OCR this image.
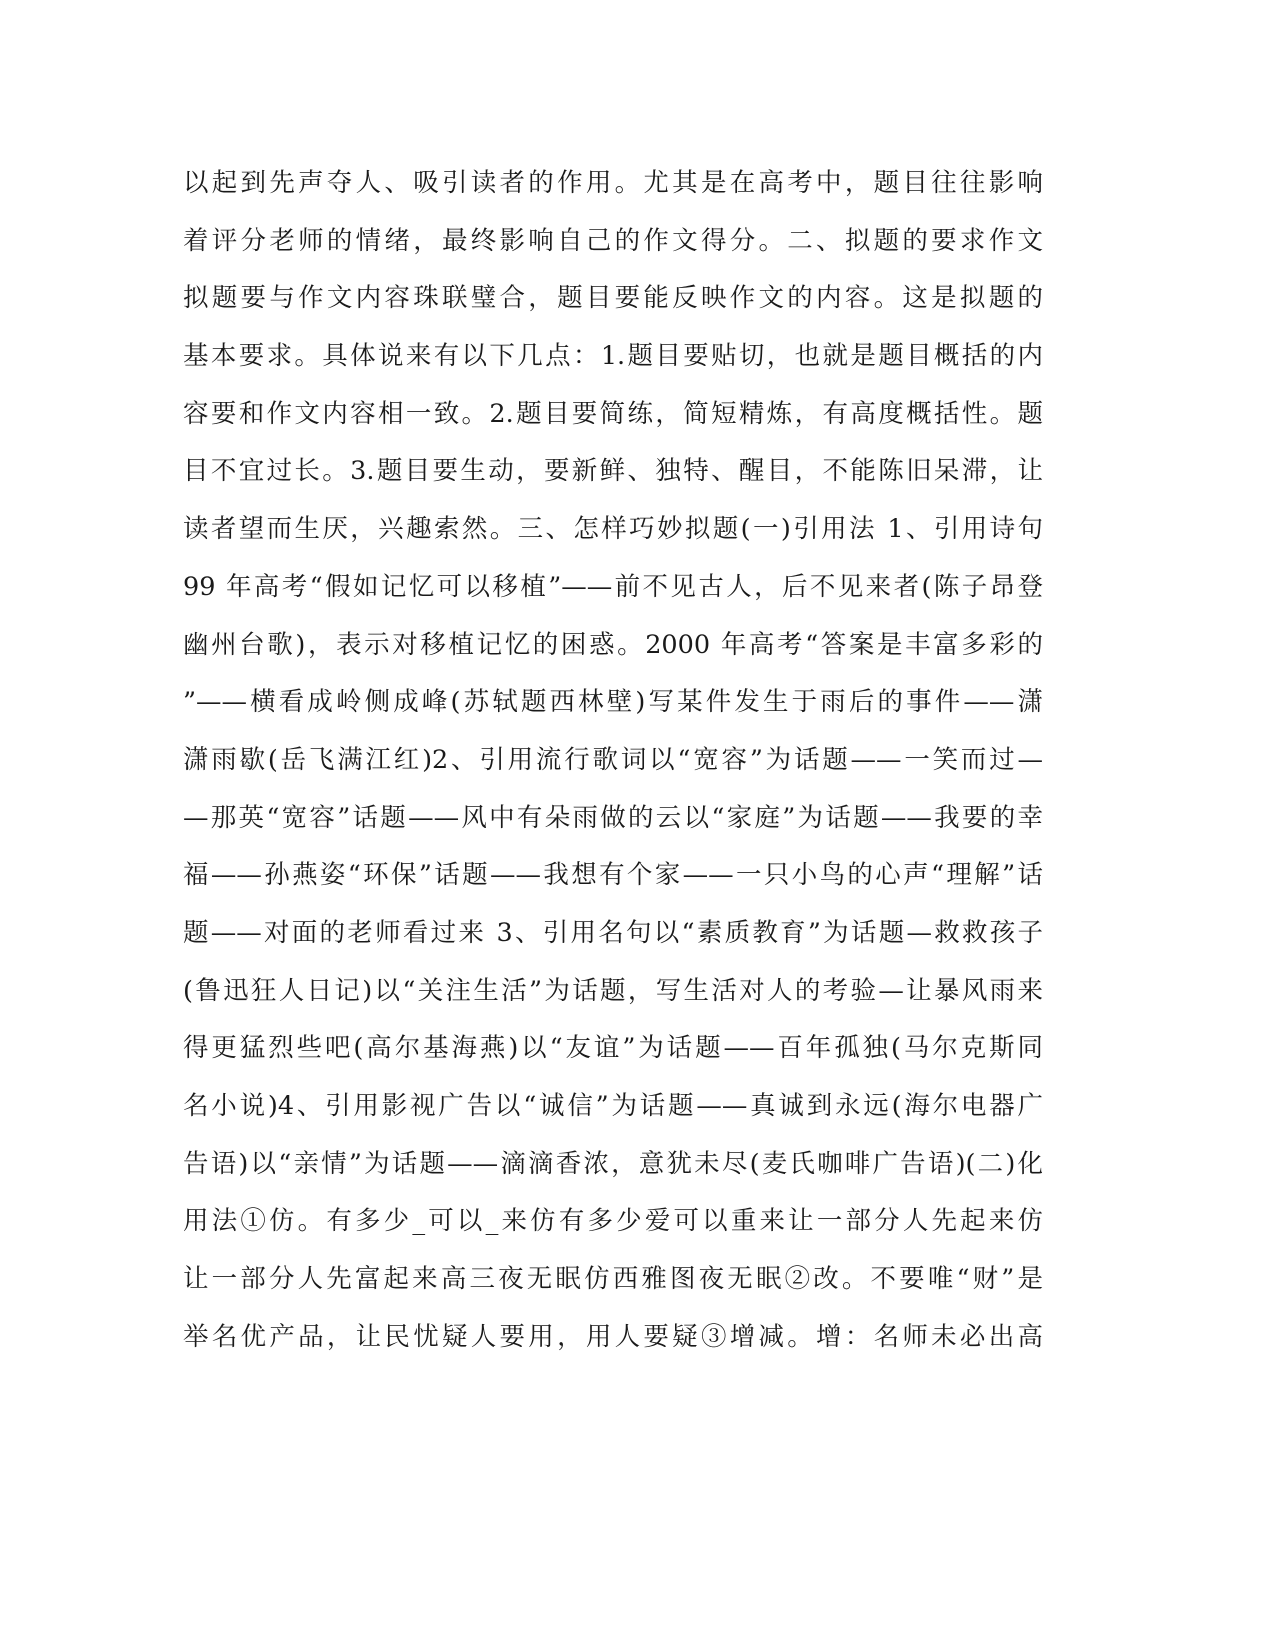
以起到先声夺人、吸引读者的作用。尤其是在高考中，题目往往影响
着评分老师的情绪，最终影响自己的作文得分。二、拟题的要求作文
拟题要与作文内容珠联璧合，题目要能反映作文的内容。这是拟题的
基本要求。具体说来有以下几点：1.题目要贴切，也就是题目概括的内
容要和作文内容相一致。2.题目要简练，简短精炼，有高度概括性。题
目不宜过长。3.题目要生动，要新鲜、独特、醒目，不能陈旧呆滞，让
读者望而生厌，兴趣索然。三、怎样巧妙拟题(一)引用法 1、引用诗句
99 年高考“假如记忆可以移植”——前不见古人，后不见来者(陈子昂登
幽州台歌)，表示对移植记忆的困惑。2000 年高考“答案是丰富多彩的
”——横看成岭侧成峰(苏轼题西林壁)写某件发生于雨后的事件——潇
潇雨歇(岳飞满江红)2、引用流行歌词以“宽容”为话题——一笑而过—
—那英“宽容”话题——风中有朵雨做的云以“家庭”为话题——我要的幸
福——孙燕姿“环保”话题——我想有个家——一只小鸟的心声“理解”话
题——对面的老师看过来 3、引用名句以“素质教育”为话题—救救孩子
(鲁迅狂人日记)以“关注生活”为话题，写生活对人的考验—让暴风雨来
得更猛烈些吧(高尔基海燕)以“友谊”为话题——百年孤独(马尔克斯同
名小说)4、引用影视广告以“诚信”为话题——真诚到永远(海尔电器广
告语)以“亲情”为话题——滴滴香浓，意犹未尽(麦氏咖啡广告语)(二)化
用法①仿。有多少_可以_来仿有多少爱可以重来让一部分人先起来仿
让一部分人先富起来高三夜无眠仿西雅图夜无眠②改。不要唯“财”是
举名优产品，让民忧疑人要用，用人要疑③增减。增：名师未必出高
